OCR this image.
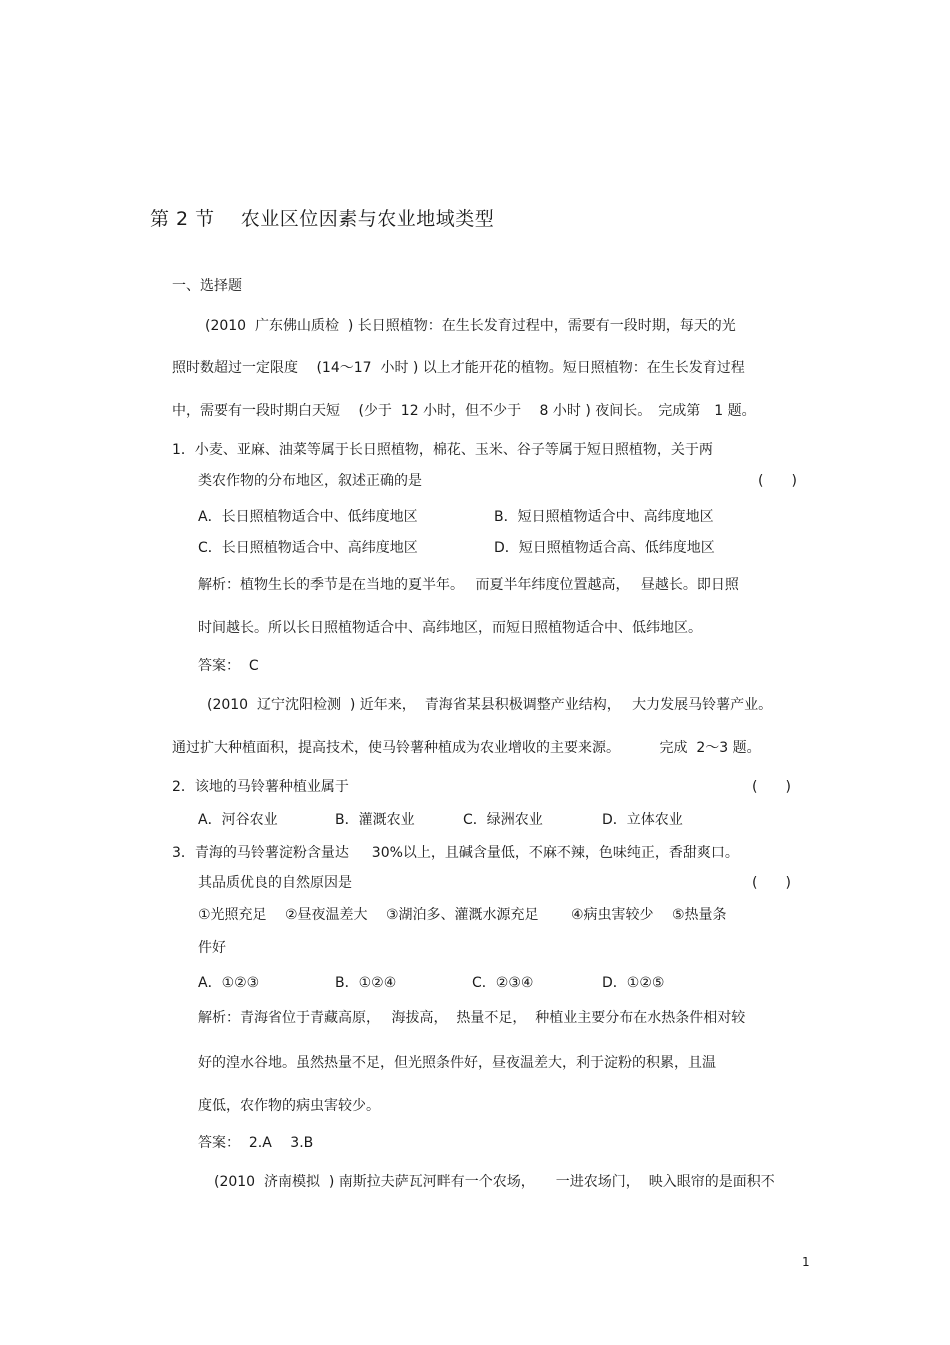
第 2 节　 农业区位因素与农业地域类型
一、选择题
(2010  广东佛山质检  ) 长日照植物：在生长发育过程中，需要有一段时期，每天的光
照时数超过一定限度　 (14～17  小时 ) 以上才能开花的植物。短日照植物：在生长发育过程
中，需要有一段时期白天短　 (少于  12 小时，但不少于　 8 小时 ) 夜间长。　完成第　1 题。
1．小麦、亚麻、油菜等属于长日照植物，棉花、玉米、谷子等属于短日照植物，关于两
类农作物的分布地区，叙述正确的是	(　　)
A．长日照植物适合中、低纬度地区	B．短日照植物适合中、高纬度地区
C．长日照植物适合中、高纬度地区	D．短日照植物适合高、低纬度地区
解析：植物生长的季节是在当地的夏半年。　 而夏半年纬度位置越高，　 昼越长。即日照
时间越长。所以长日照植物适合中、高纬地区，而短日照植物适合中、低纬地区。
答案：  C
(2010  辽宁沈阳检测  ) 近年来，  青海省某县积极调整产业结构，　 大力发展马铃薯产业。
通过扩大种植面积，提高技术，使马铃薯种植成为农业增收的主要来源。　　　 完成  2～3 题。
2．该地的马铃薯种植业属于	(　　)
A．河谷农业	B．灌溉农业	C．绿洲农业	D．立体农业
3．青海的马铃薯淀粉含量达　  30%以上，且碱含量低，不麻不辣，色味纯正，香甜爽口。
其品质优良的自然原因是	(　　)
①光照充足　 ②昼夜温差大　 ③湖泊多、灌溉水源充足　　 ④病虫害较少　 ⑤热量条
件好
A．①②③	B．①②④	C．②③④	D．①②⑤
解析：青海省位于青藏高原，　 海拔高，  热量不足，  种植业主要分布在水热条件相对较
好的湟水谷地。虽然热量不足，但光照条件好，昼夜温差大，利于淀粉的积累，且温
度低，农作物的病虫害较少。
答案：  2.A　 3.B
(2010  济南模拟  ) 南斯拉夫萨瓦河畔有一个农场，　　一进农场门，  映入眼帘的是面积不
1
